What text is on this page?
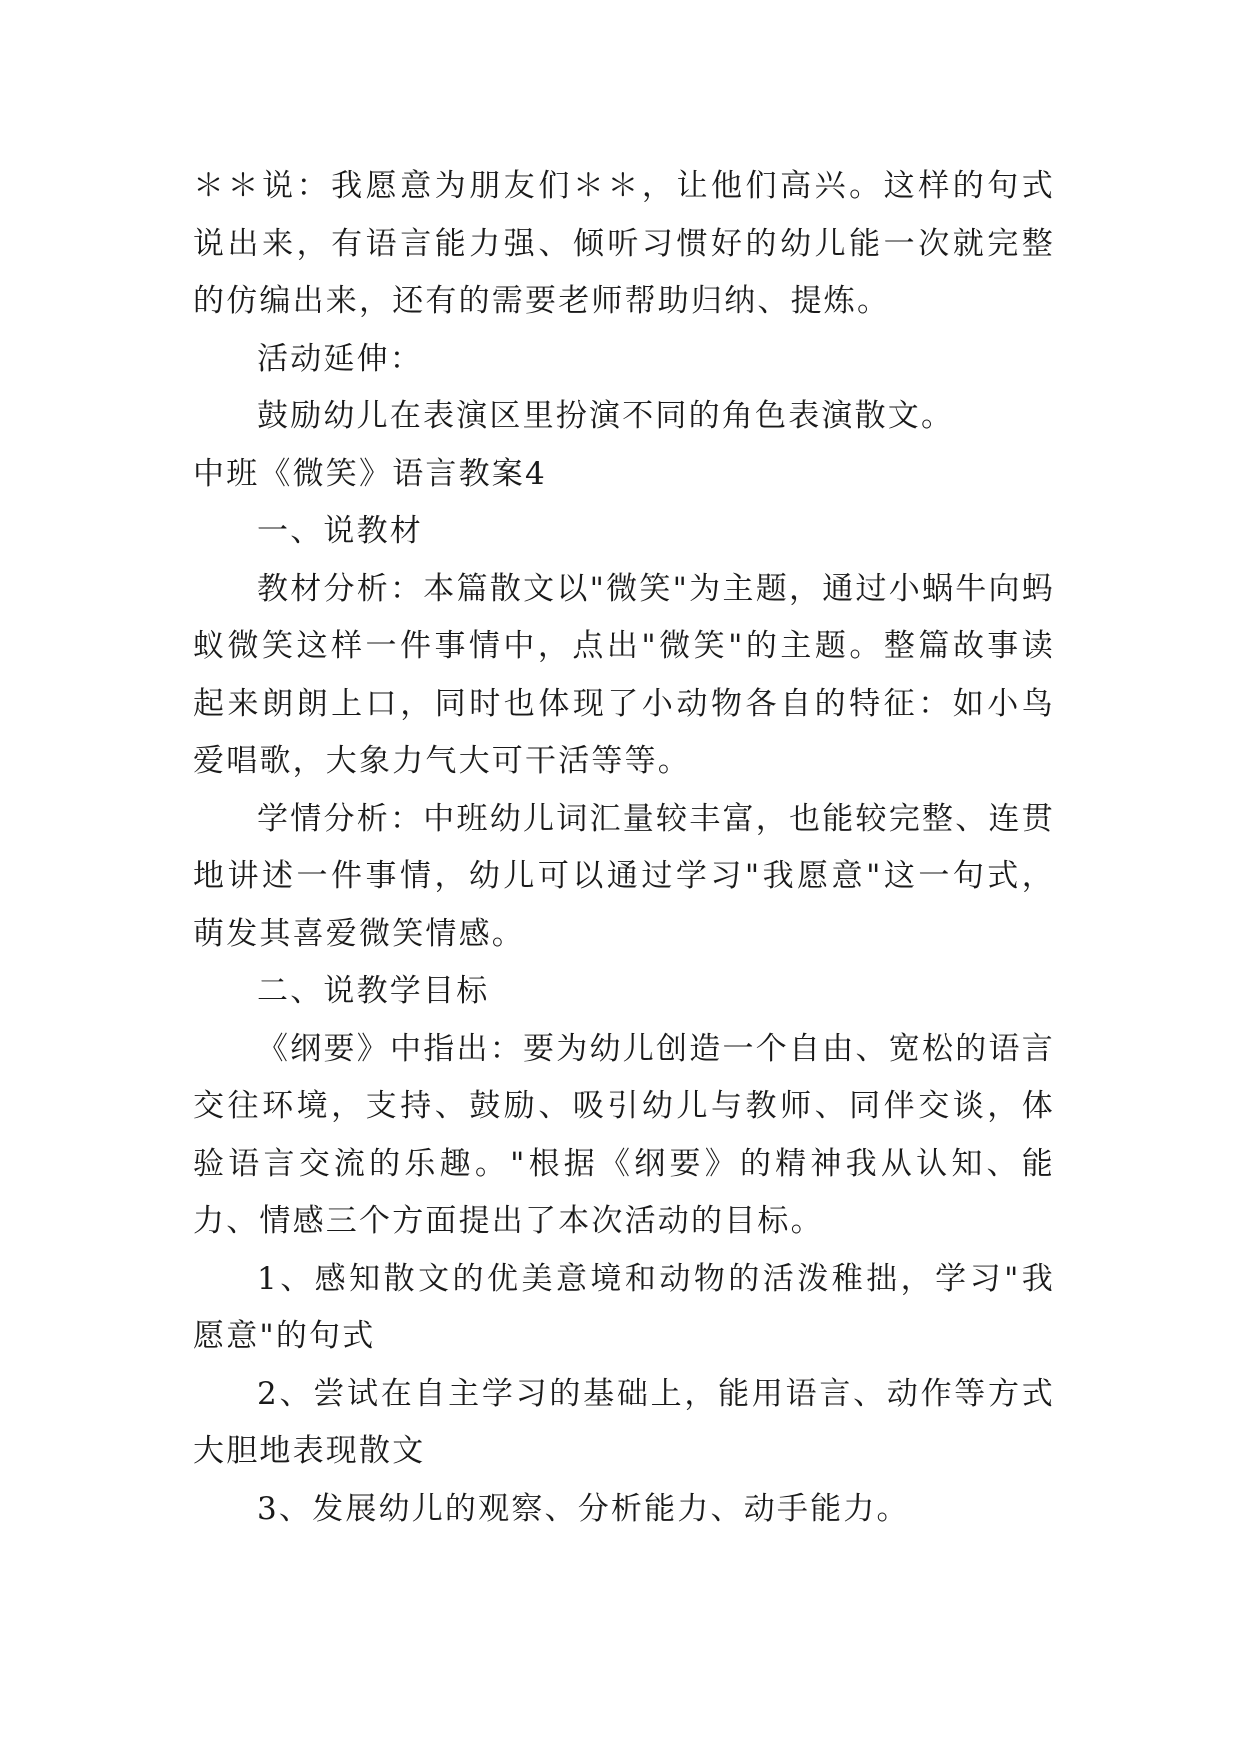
＊＊说：我愿意为朋友们＊＊，让他们高兴。这样的句式说出来，有语言能力强、倾听习惯好的幼儿能一次就完整的仿编出来，还有的需要老师帮助归纳、提炼。

活动延伸：

鼓励幼儿在表演区里扮演不同的角色表演散文。

中班《微笑》语言教案4

一、说教材

教材分析：本篇散文以"微笑"为主题，通过小蜗牛向蚂蚁微笑这样一件事情中，点出"微笑"的主题。整篇故事读起来朗朗上口，同时也体现了小动物各自的特征：如小鸟爱唱歌，大象力气大可干活等等。

学情分析：中班幼儿词汇量较丰富，也能较完整、连贯地讲述一件事情，幼儿可以通过学习"我愿意"这一句式，萌发其喜爱微笑情感。

二、说教学目标

《纲要》中指出：要为幼儿创造一个自由、宽松的语言交往环境，支持、鼓励、吸引幼儿与教师、同伴交谈，体验语言交流的乐趣。"根据《纲要》的精神我从认知、能力、情感三个方面提出了本次活动的目标。

1、感知散文的优美意境和动物的活泼稚拙，学习"我愿意"的句式

2、尝试在自主学习的基础上，能用语言、动作等方式大胆地表现散文

3、发展幼儿的观察、分析能力、动手能力。
